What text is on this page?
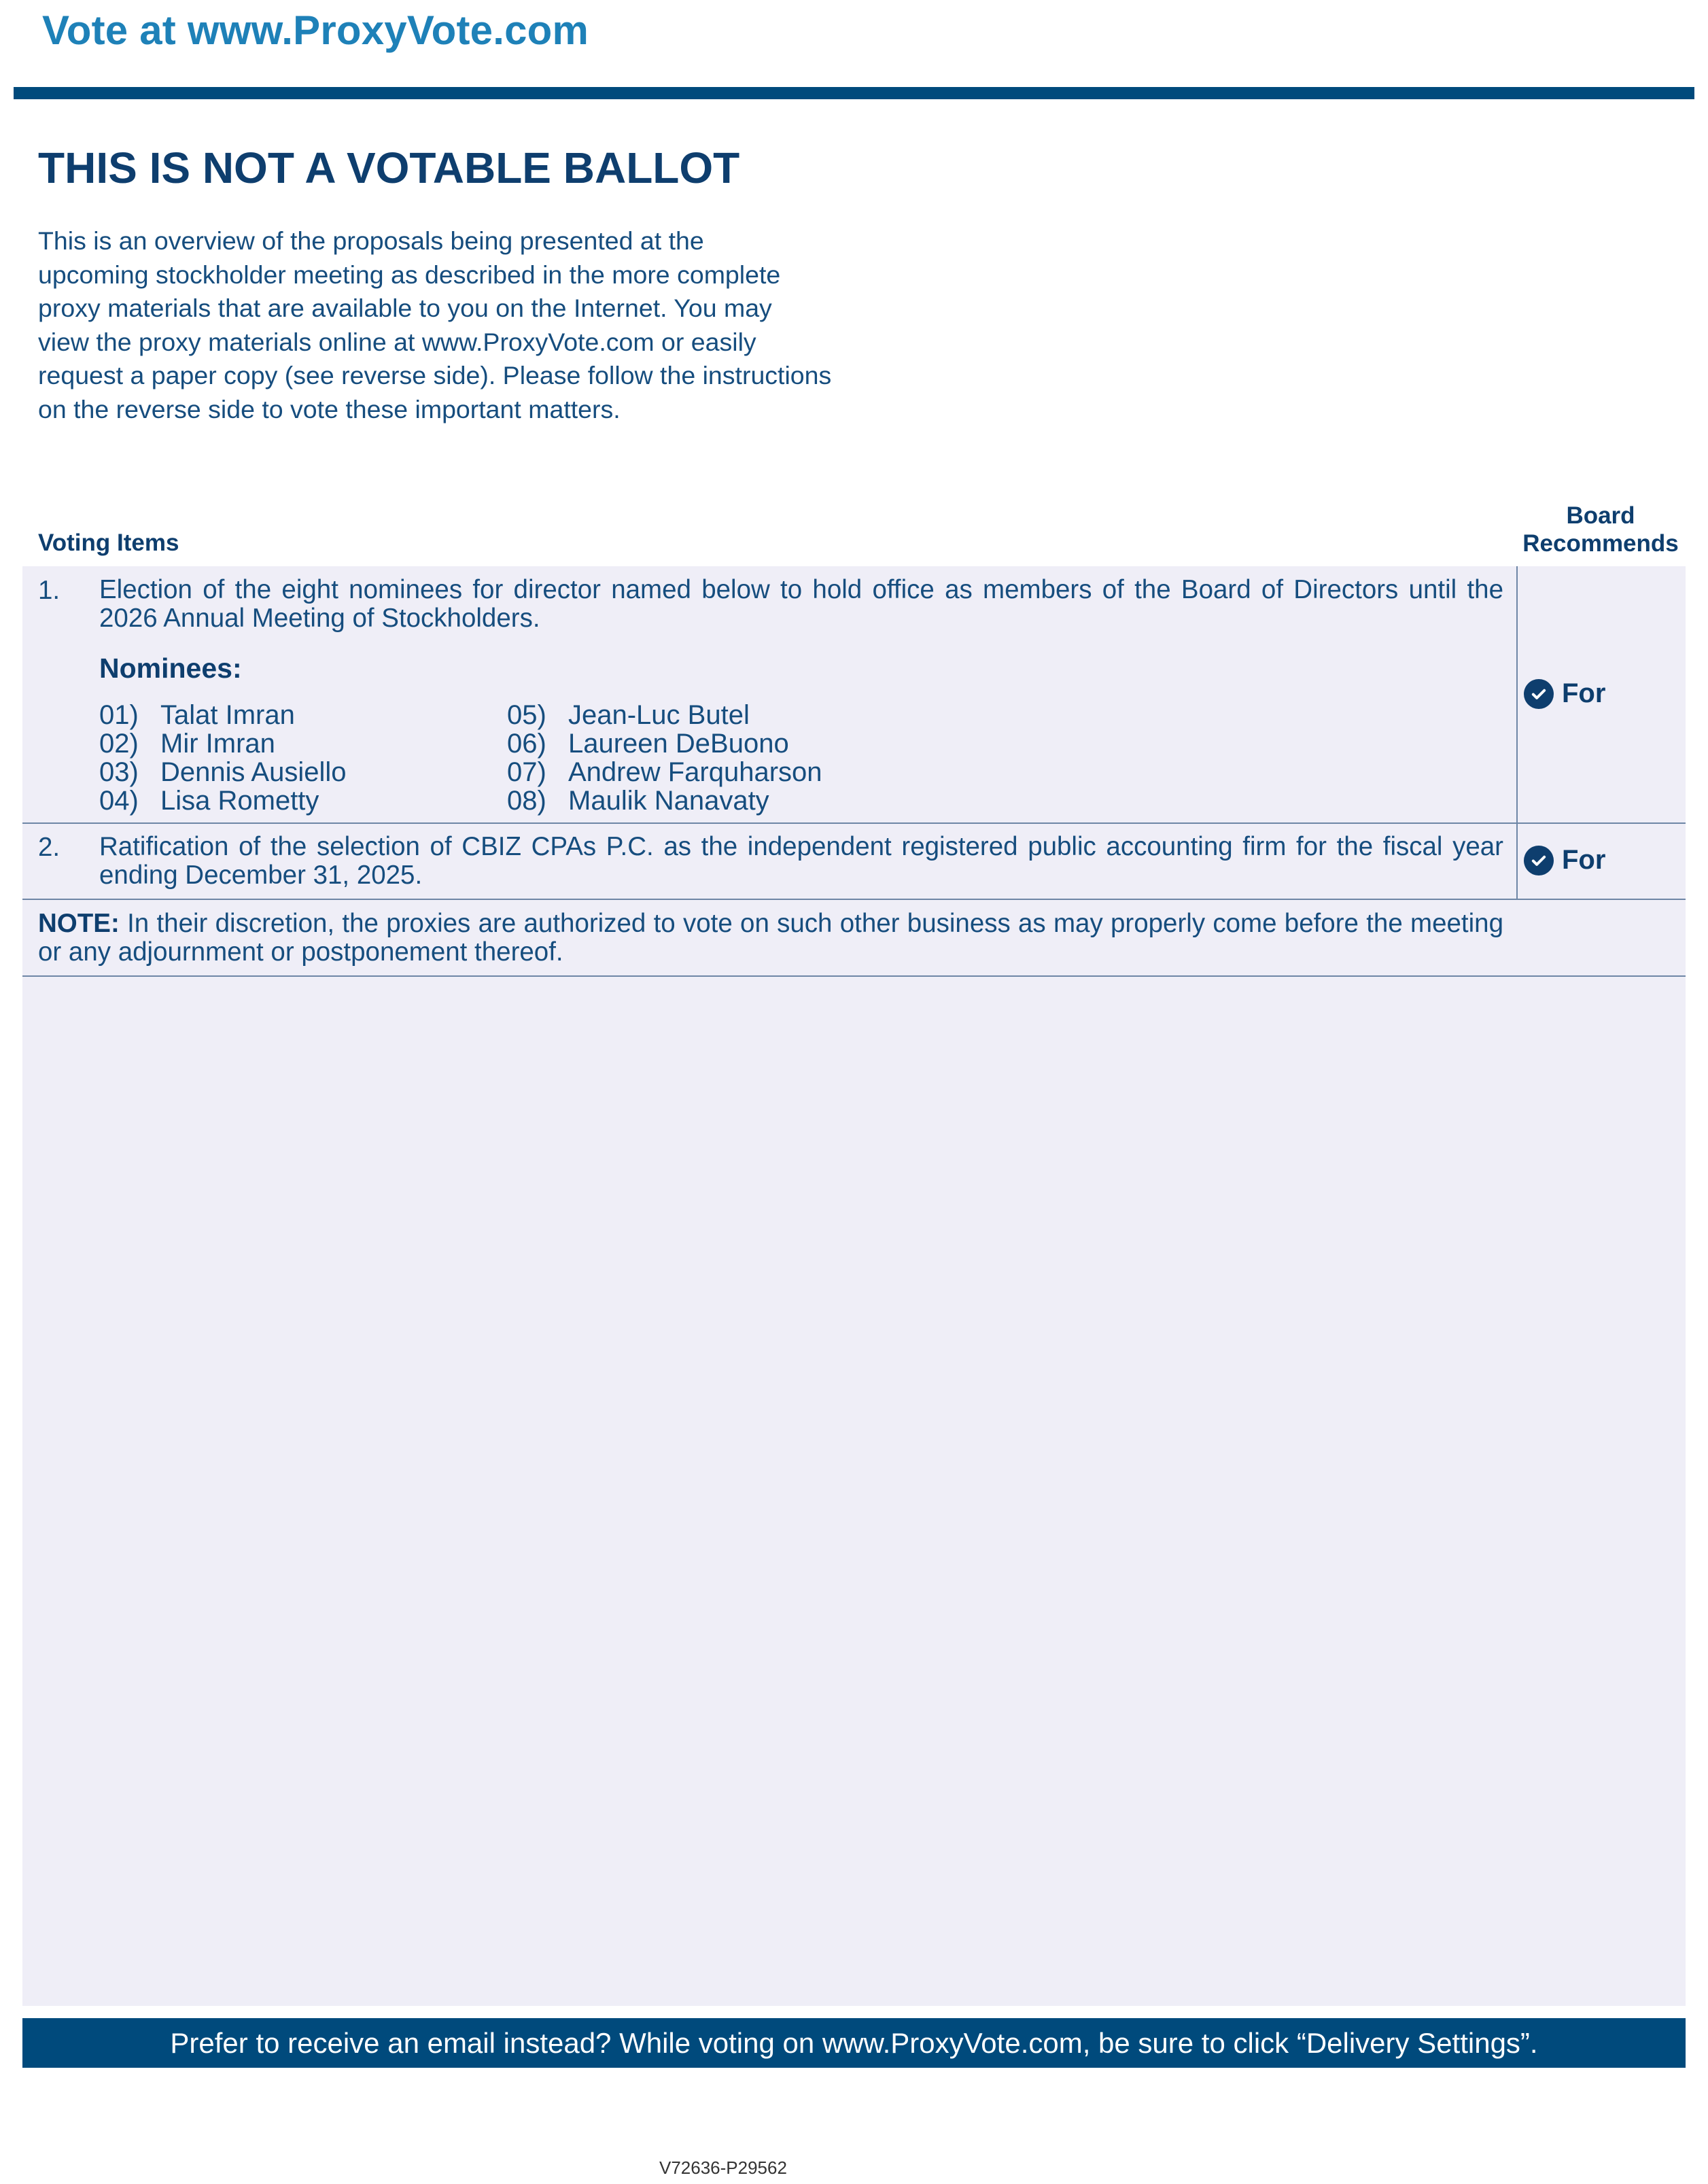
Vote at www.ProxyVote.com
THIS IS NOT A VOTABLE BALLOT
This is an overview of the proposals being presented at the
upcoming stockholder meeting as described in the more complete
proxy materials that are available to you on the Internet. You may
view the proxy materials online at www.ProxyVote.com or easily
request a paper copy (see reverse side). Please follow the instructions
on the reverse side to vote these important matters.
Voting Items
Board
Recommends
1. Election of the eight nominees for director named below to hold office as members of the Board of Directors until the 2026 Annual Meeting of Stockholders.
Nominees:
01) Talat Imran
02) Mir Imran
03) Dennis Ausiello
04) Lisa Rometty
05) Jean-Luc Butel
06) Laureen DeBuono
07) Andrew Farquharson
08) Maulik Nanavaty
For
2. Ratification of the selection of CBIZ CPAs P.C. as the independent registered public accounting firm for the fiscal year ending December 31, 2025.
For
NOTE: In their discretion, the proxies are authorized to vote on such other business as may properly come before the meeting or any adjournment or postponement thereof.
Prefer to receive an email instead? While voting on www.ProxyVote.com, be sure to click “Delivery Settings”.
V72636-P29562
